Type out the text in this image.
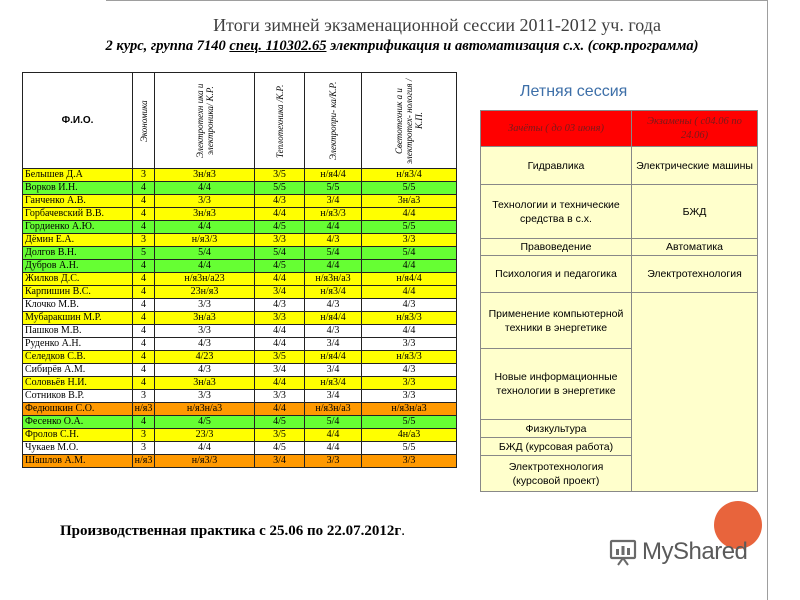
Итоги зимней экзаменационной сессии 2011-2012 уч. года
2 курс, группа 7140 спец. 110302.65 электрификация и автоматизация с.х. (сокр.программа)
Ф.И.О.	Экономика	Электротехн ика и электроника/ К.Р.	Теплотехника /К.Р.	Электропри- ка/К.Р.	Светотехник а и электротех- нология /К.П.

Белышев Д.А	3	3н/я3	3/5	н/я4/4	н/я3/4
Ворков И.Н.	4	4/4	5/5	5/5	5/5
Ганченко А.В.	4	3/3	4/3	3/4	3н/а3
Горбачевский В.В.	4	3н/я3	4/4	н/я3/3	4/4
Гордиенко А.Ю.	4	4/4	4/5	4/4	5/5
Дёмин Е.А.	3	н/я3/3	3/3	4/3	3/3
Долгов В.Н.	5	5/4	5/4	5/4	5/4
Дубров А.Н.	4	4/4	4/5	4/4	4/4
Жилков Д.С.	4	н/я3н/а23	4/4	н/я3н/а3	н/я4/4
Карпишин В.С.	4	23н/я3	3/4	н/я3/4	4/4
Клочко М.В.	4	3/3	4/3	4/3	4/3
Мубаракшин М.Р.	4	3н/а3	3/3	н/я4/4	н/я3/3
Пашков М.В.	4	3/3	4/4	4/3	4/4
Руденко А.Н.	4	4/3	4/4	3/4	3/3
Селедков С.В.	4	4/23	3/5	н/я4/4	н/я3/3
Сибирёв А.М.	4	4/3	3/4	3/4	4/3
Соловьёв Н.И.	4	3н/а3	4/4	н/я3/4	3/3
Сотников В.Р.	3	3/3	3/3	3/4	3/3
Федюшкин С.О.	н/я3	н/я3н/а3	4/4	н/я3н/а3	н/я3н/а3
Фесенко О.А.	4	4/5	4/5	5/4	5/5
Фролов С.Н.	3	23/3	3/5	4/4	4н/а3
Чукаев М.О.	3	4/4	4/5	4/4	5/5
Шашлов А.М.	н/я3	н/я3/3	3/4	3/3	3/3
Летняя сессия
Зачёты ( до 03 июня)	Экзамены ( с04.06 по 24.06)
Гидравлика	Электрические машины
Технологии и технические средства в с.х.	БЖД
Правоведение	Автоматика
Психология и педагогика	Электротехнология
Применение компьютерной техники в энергетике	
Новые информационные технологии в энергетике	
Физкультура	
БЖД (курсовая работа)	
Электротехнология (курсовой проект)	
Производственная практика с 25.06 по 22.07.2012г.
MyShared
